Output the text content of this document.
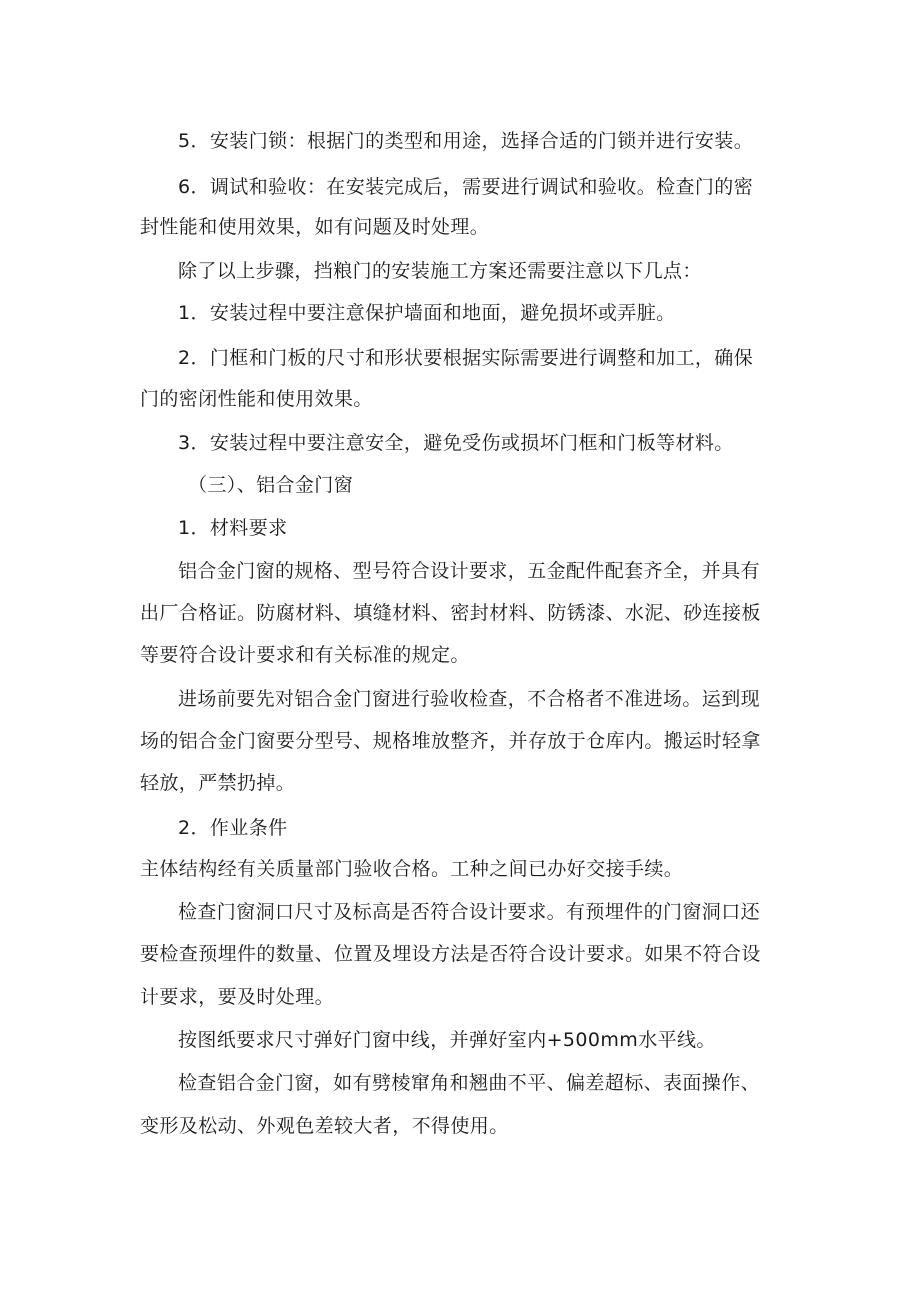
5．安装门锁：根据门的类型和用途，选择合适的门锁并进行安装。
6．调试和验收：在安装完成后，需要进行调试和验收。检查门的密
封性能和使用效果，如有问题及时处理。
除了以上步骤，挡粮门的安装施工方案还需要注意以下几点：
1．安装过程中要注意保护墙面和地面，避免损坏或弄脏。
2．门框和门板的尺寸和形状要根据实际需要进行调整和加工，确保
门的密闭性能和使用效果。
3．安装过程中要注意安全，避免受伤或损坏门框和门板等材料。
（三）、铝合金门窗
1．材料要求
铝合金门窗的规格、型号符合设计要求，五金配件配套齐全，并具有
出厂合格证。防腐材料、填缝材料、密封材料、防锈漆、水泥、砂连接板
等要符合设计要求和有关标准的规定。
进场前要先对铝合金门窗进行验收检查，不合格者不准进场。运到现
场的铝合金门窗要分型号、规格堆放整齐，并存放于仓库内。搬运时轻拿
轻放，严禁扔掉。
2．作业条件
主体结构经有关质量部门验收合格。工种之间已办好交接手续。
检查门窗洞口尺寸及标高是否符合设计要求。有预埋件的门窗洞口还
要检查预埋件的数量、位置及埋设方法是否符合设计要求。如果不符合设
计要求，要及时处理。
按图纸要求尺寸弹好门窗中线，并弹好室内+500mm水平线。
检查铝合金门窗，如有劈棱窜角和翘曲不平、偏差超标、表面操作、
变形及松动、外观色差较大者，不得使用。
